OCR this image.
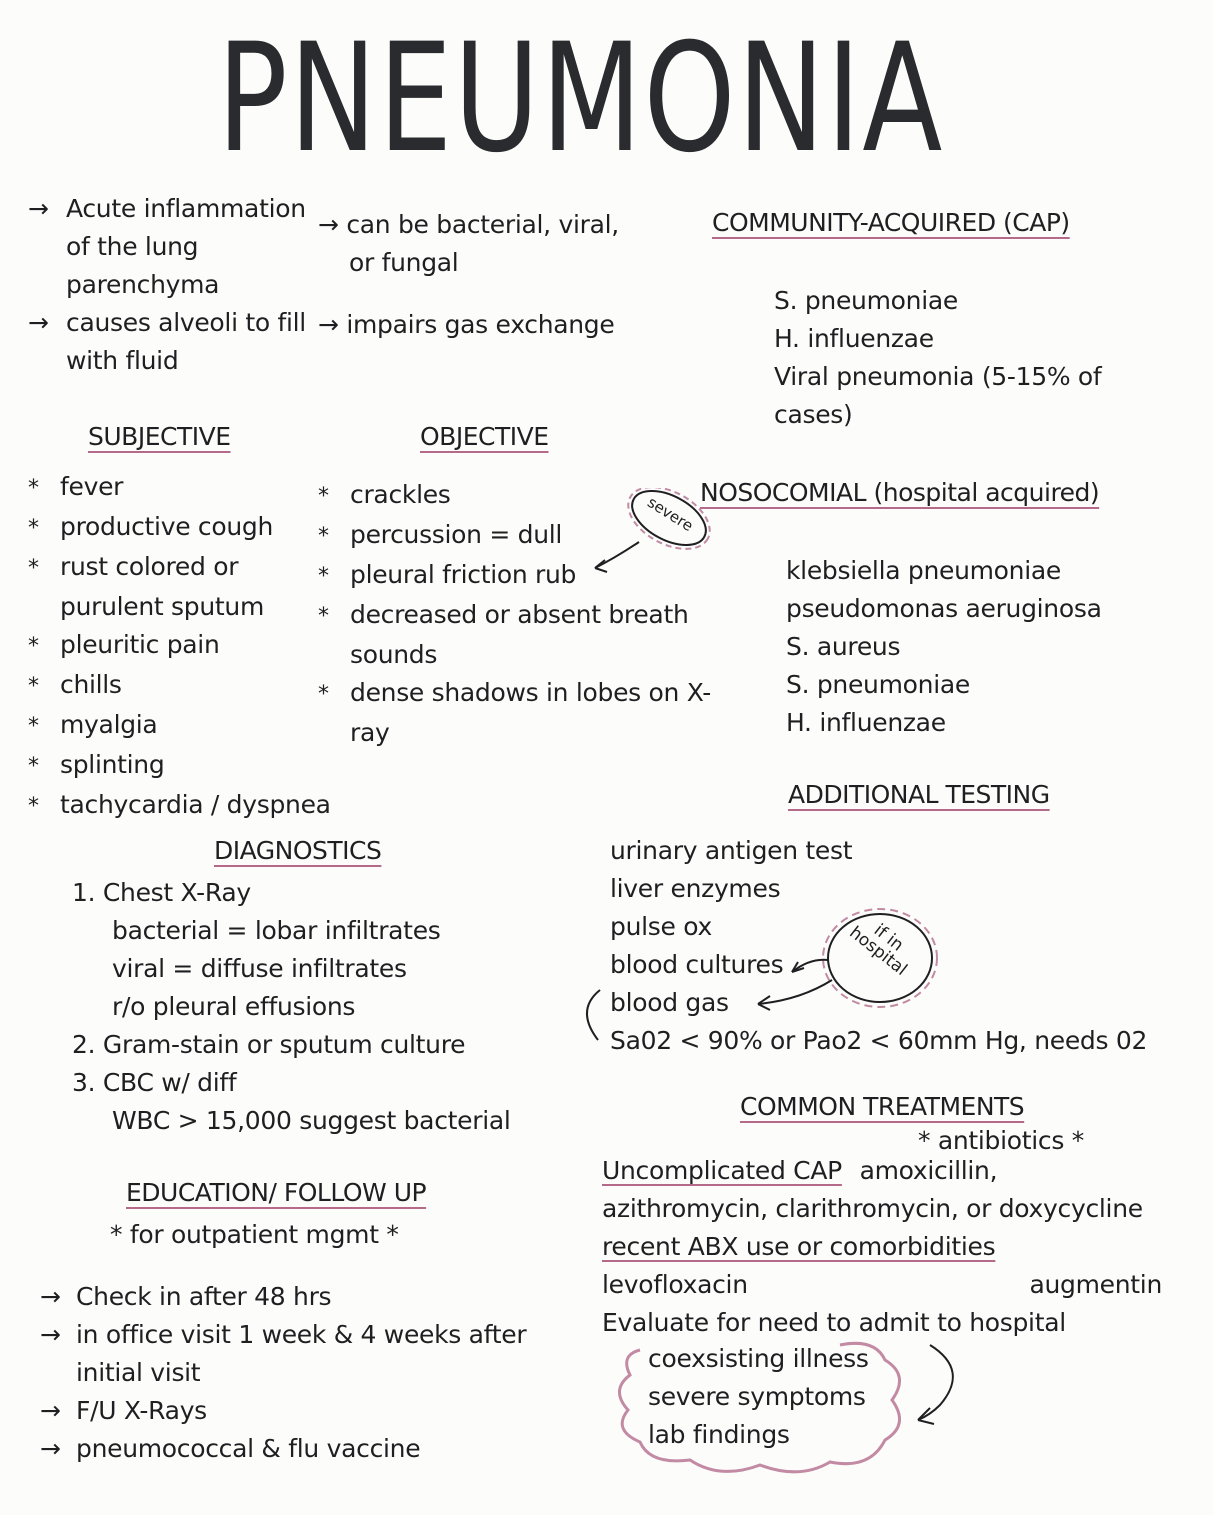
PNEUMONIA
→ Acute inflammation
of the lung
parenchyma
→ causes alveoli to fill
with fluid
→ can be bacterial, viral,
or fungal
→ impairs gas exchange
COMMUNITY-ACQUIRED (CAP)
S. pneumoniae
H. influenzae
Viral pneumonia (5-15% of
cases)
SUBJECTIVE
* fever
* productive cough
* rust colored or
purulent sputum
* pleuritic pain
* chills
* myalgia
* splinting
* tachycardia / dyspnea
OBJECTIVE
* crackles
* percussion = dull
* pleural friction rub
* decreased or absent breath
sounds
* dense shadows in lobes on X-
ray
severe
NOSOCOMIAL (hospital acquired)
klebsiella pneumoniae
pseudomonas aeruginosa
S. aureus
S. pneumoniae
H. influenzae
ADDITIONAL TESTING
urinary antigen test
liver enzymes
pulse ox
blood cultures
blood gas
Sa02 < 90% or Pao2 < 60mm Hg, needs 02
if in hospital
DIAGNOSTICS
1. Chest X-Ray
bacterial = lobar infiltrates
viral = diffuse infiltrates
r/o pleural effusions
2. Gram-stain or sputum culture
3. CBC w/ diff
WBC > 15,000 suggest bacterial
EDUCATION/ FOLLOW UP
* for outpatient mgmt *
→ Check in after 48 hrs
→ in office visit 1 week & 4 weeks after
initial visit
→ F/U X-Rays
→ pneumococcal & flu vaccine
COMMON TREATMENTS
* antibiotics *
Uncomplicated CAP amoxicillin,
azithromycin, clarithromycin, or doxycycline
recent ABX use or comorbidities
levofloxacin	augmentin
Evaluate for need to admit to hospital
coexsisting illness
severe symptoms
lab findings
